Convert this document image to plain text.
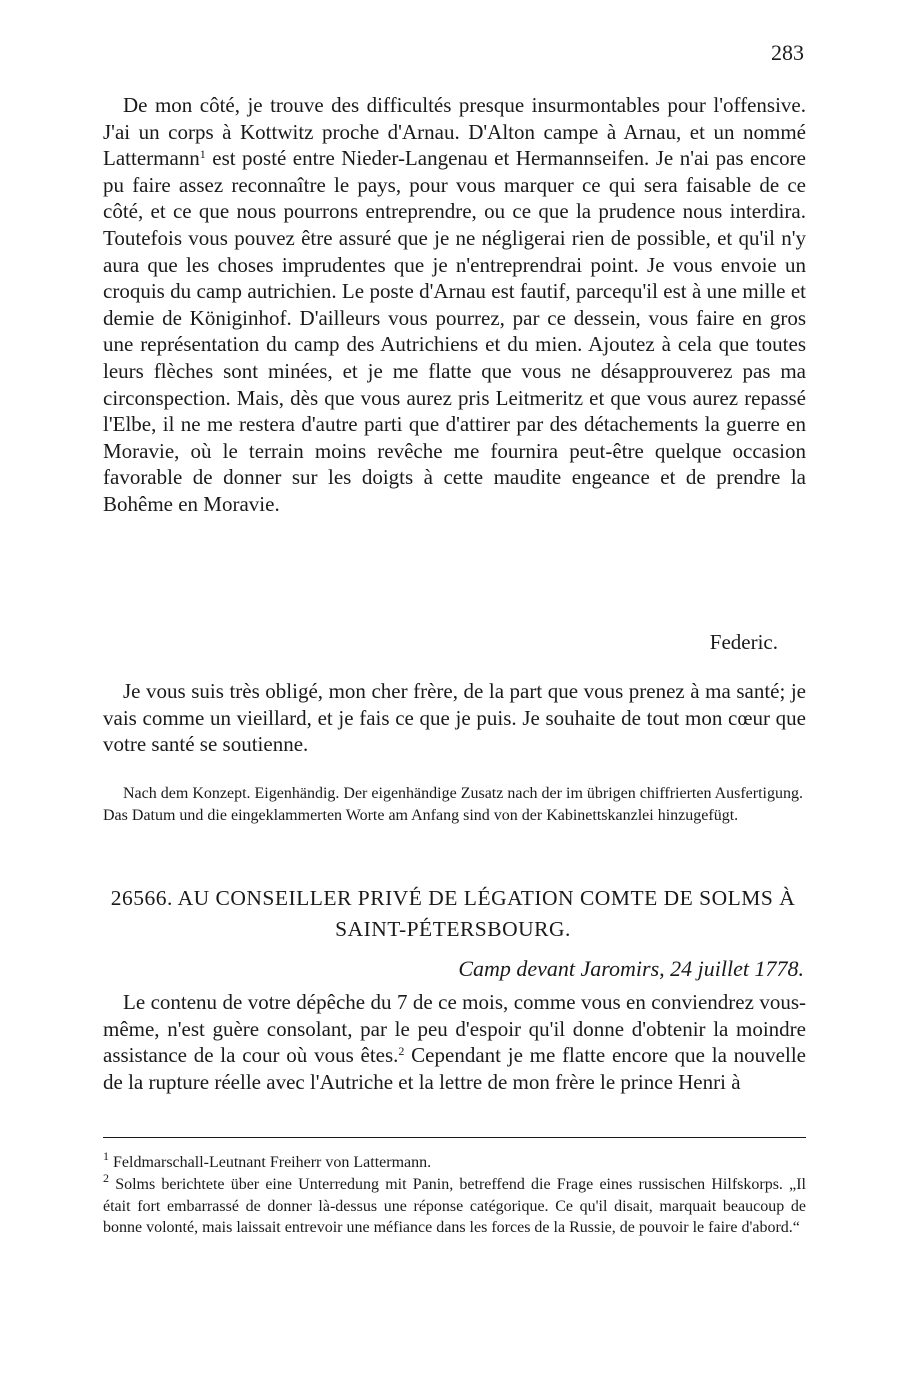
283

De mon côté, je trouve des difficultés presque insurmontables pour l'offensive. J'ai un corps à Kottwitz proche d'Arnau. D'Alton campe à Arnau, et un nommé Lattermann$^1$ est posté entre Nieder-Langenau et Hermannseifen. Je n'ai pas encore pu faire assez reconnaître le pays, pour vous marquer ce qui sera faisable de ce côté, et ce que nous pourrons entreprendre, ou ce que la prudence nous interdira. Toutefois vous pouvez être assuré que je ne négligerai rien de possible, et qu'il n'y aura que les choses imprudentes que je n'entreprendrai point. Je vous envoie un croquis du camp autrichien. Le poste d'Arnau est fautif, parcequ'il est à une mille et demie de Königinhof. D'ailleurs vous pourrez, par ce dessein, vous faire en gros une représentation du camp des Autrichiens et du mien. Ajoutez à cela que toutes leurs flèches sont minées, et je me flatte que vous ne désapprouverez pas ma circonspection. Mais, dès que vous aurez pris Leitmeritz et que vous aurez repassé l'Elbe, il ne me restera d'autre parti que d'attirer par des détachements la guerre en Moravie, où le terrain moins revêche me fournira peut-être quelque occasion favorable de donner sur les doigts à cette maudite engeance et de prendre la Bohême en Moravie.

Federic.

Je vous suis très obligé, mon cher frère, de la part que vous prenez à ma santé; je vais comme un vieillard, et je fais ce que je puis. Je souhaite de tout mon cœur que votre santé se soutienne.

Nach dem Konzept. Eigenhändig. Der eigenhändige Zusatz nach der im übrigen chiffrierten Ausfertigung. Das Datum und die eingeklammerten Worte am Anfang sind von der Kabinettskanzlei hinzugefügt.

26566. AU CONSEILLER PRIVÉ DE LÉGATION COMTE DE SOLMS À SAINT-PÉTERSBOURG.
Camp devant Jaromirs, 24 juillet 1778.

Le contenu de votre dépêche du 7 de ce mois, comme vous en conviendrez vous-même, n'est guère consolant, par le peu d'espoir qu'il donne d'obtenir la moindre assistance de la cour où vous êtes.$^2$ Cependant je me flatte encore que la nouvelle de la rupture réelle avec l'Autriche et la lettre de mon frère le prince Henri à

$^1$ Feldmarschall-Leutnant Freiherr von Lattermann.

$^2$ Solms berichtete über eine Unterredung mit Panin, betreffend die Frage eines russischen Hilfskorps. „Il était fort embarrassé de donner là-dessus une réponse catégorique. Ce qu'il disait, marquait beaucoup de bonne volonté, mais laissait entrevoir une méfiance dans les forces de la Russie, de pouvoir le faire d'abord.“
